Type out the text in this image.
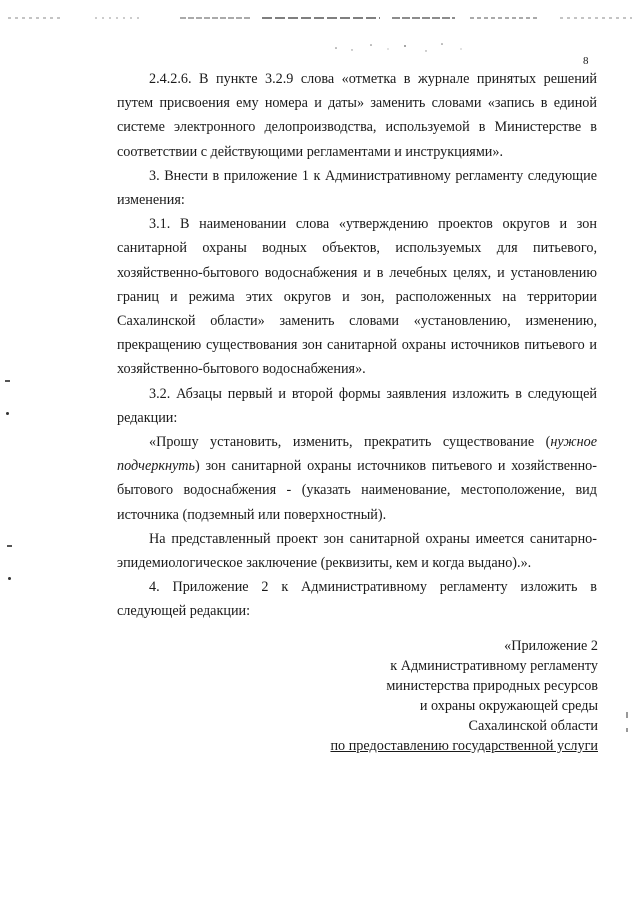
8

2.4.2.6. В пункте 3.2.9 слова «отметка в журнале принятых решений путем присвоения ему номера и даты» заменить словами «запись в единой системе электронного делопроизводства, используемой в Министерстве в соответствии с действующими регламентами и инструкциями».

3. Внести в приложение 1 к Административному регламенту следующие изменения:

3.1. В наименовании слова «утверждению проектов округов и зон санитарной охраны водных объектов, используемых для питьевого, хозяйственно-бытового водоснабжения и в лечебных целях, и установлению границ и режима этих округов и зон, расположенных на территории Сахалинской области» заменить словами «установлению, изменению, прекращению существования зон санитарной охраны источников питьевого и хозяйственно-бытового водоснабжения».

3.2. Абзацы первый и второй формы заявления изложить в следующей редакции:

«Прошу установить, изменить, прекратить существование (нужное подчеркнуть) зон санитарной охраны источников питьевого и хозяйственно-бытового водоснабжения - (указать наименование, местоположение, вид источника (подземный или поверхностный).

На представленный проект зон санитарной охраны имеется санитарно-эпидемиологическое заключение (реквизиты, кем и когда выдано).».

4. Приложение 2 к Административному регламенту изложить в следующей редакции:

«Приложение 2
к Административному регламенту
министерства природных ресурсов
и охраны окружающей среды
Сахалинской области
по предоставлению государственной услуги
